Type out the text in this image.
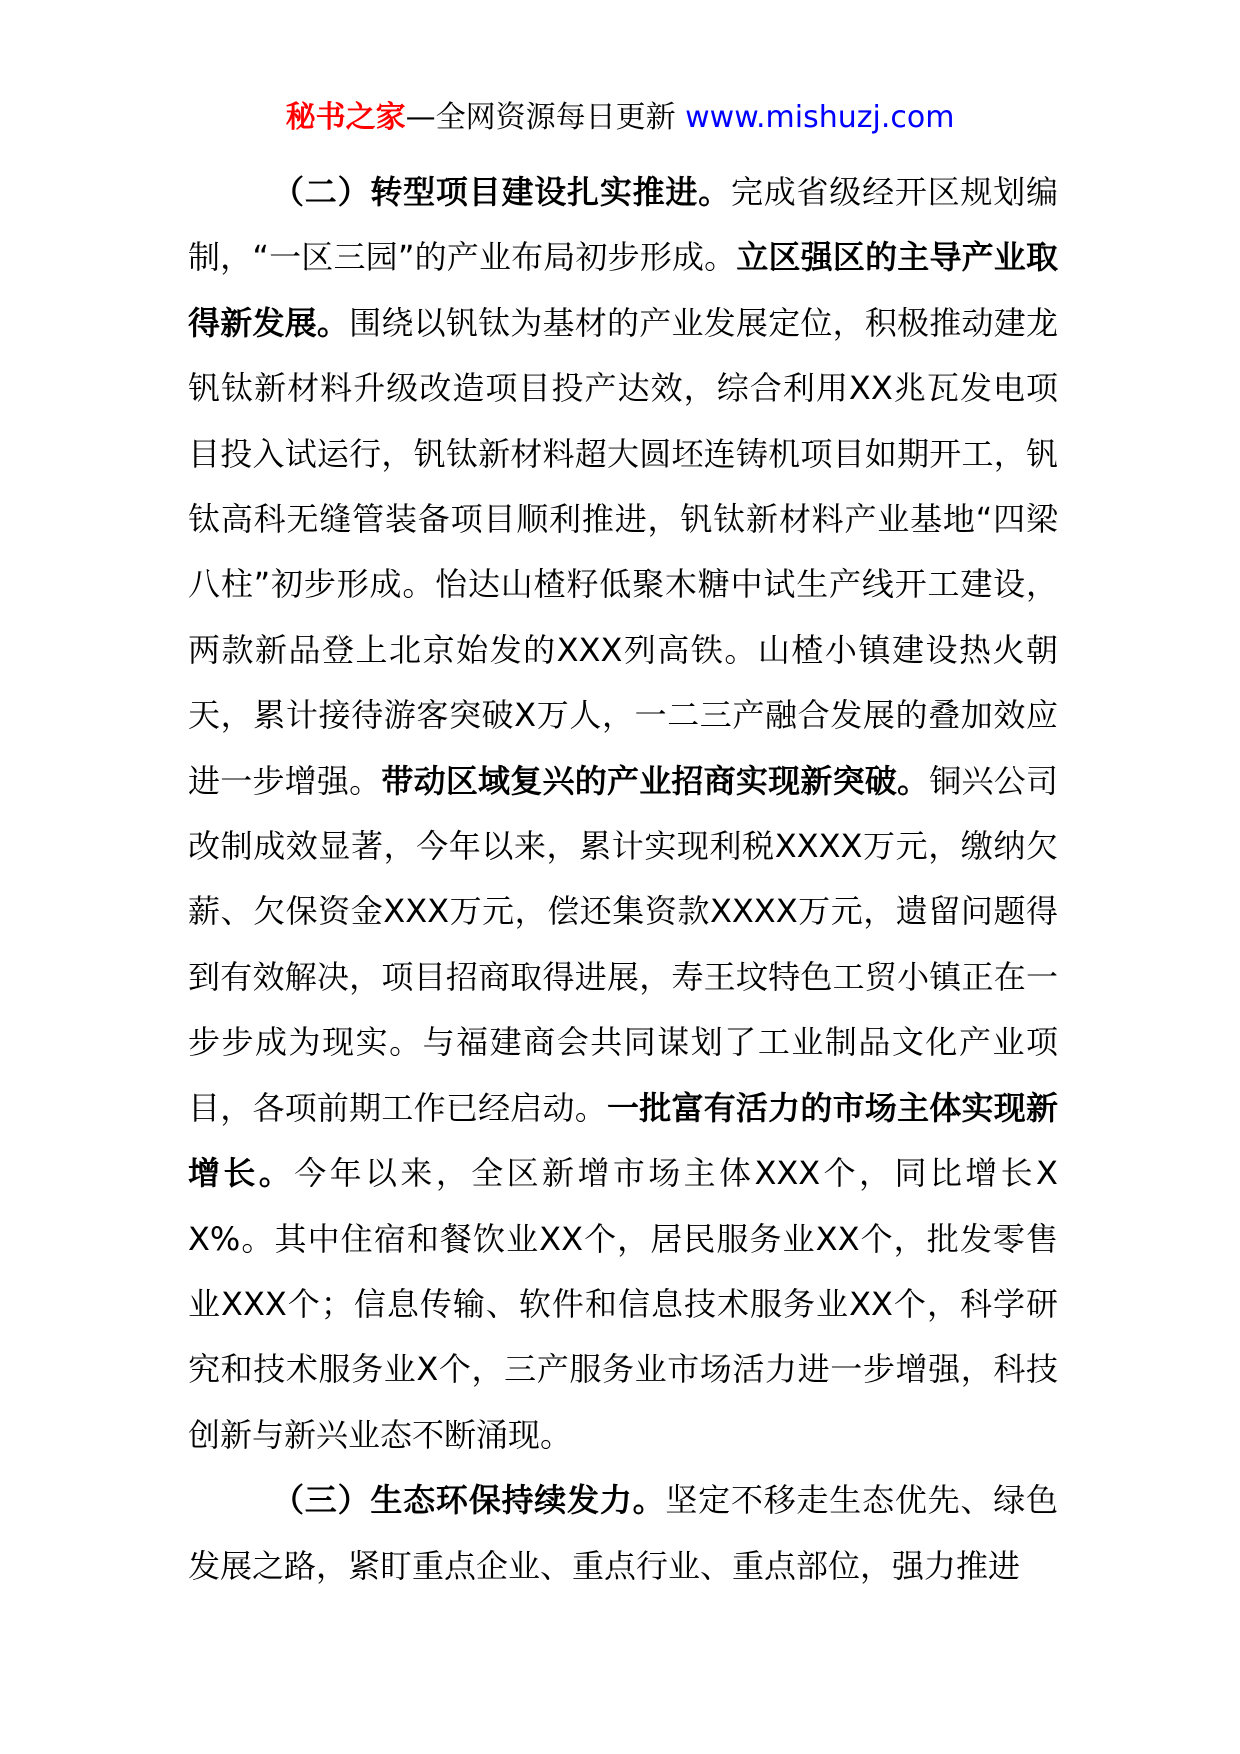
秘书之家—全网资源每日更新 www.mishuzj.com

（二）转型项目建设扎实推进。完成省级经开区规划编制，“一区三园”的产业布局初步形成。立区强区的主导产业取得新发展。围绕以钒钛为基材的产业发展定位，积极推动建龙钒钛新材料升级改造项目投产达效，综合利用XX兆瓦发电项目投入试运行，钒钛新材料超大圆坯连铸机项目如期开工，钒钛高科无缝管装备项目顺利推进，钒钛新材料产业基地“四梁八柱”初步形成。怡达山楂籽低聚木糖中试生产线开工建设，两款新品登上北京始发的XXX列高铁。山楂小镇建设热火朝天，累计接待游客突破X万人，一二三产融合发展的叠加效应进一步增强。带动区域复兴的产业招商实现新突破。铜兴公司改制成效显著，今年以来，累计实现利税XXXX万元，缴纳欠薪、欠保资金XXX万元，偿还集资款XXXX万元，遗留问题得到有效解决，项目招商取得进展，寿王坟特色工贸小镇正在一步步成为现实。与福建商会共同谋划了工业制品文化产业项目，各项前期工作已经启动。一批富有活力的市场主体实现新增长。今年以来，全区新增市场主体XXX个，同比增长XX%。其中住宿和餐饮业XX个，居民服务业XX个，批发零售业XXX个；信息传输、软件和信息技术服务业XX个，科学研究和技术服务业X个，三产服务业市场活力进一步增强，科技创新与新兴业态不断涌现。

（三）生态环保持续发力。坚定不移走生态优先、绿色发展之路，紧盯重点企业、重点行业、重点部位，强力推进
